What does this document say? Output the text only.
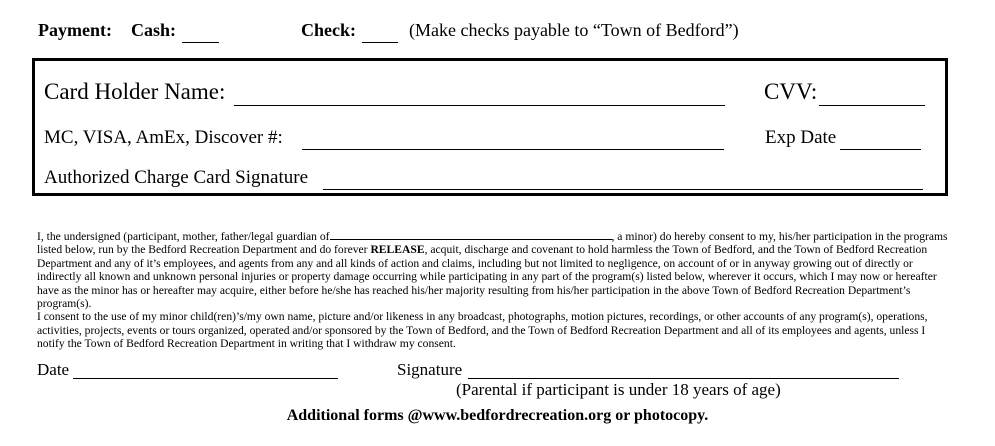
Payment: Cash:	Check:	(Make checks payable to “Town of Bedford”)
Card Holder Name:	CVV:
MC, VISA, AmEx, Discover #:	Exp Date
Authorized Charge Card Signature

I, the undersigned (participant, mother, father/legal guardian of	, a minor) do hereby consent to my, his/her participation in the programs listed below, run by the Bedford Recreation Department and do forever RELEASE, acquit, discharge and covenant to hold harmless the Town of Bedford, and the Town of Bedford Recreation Department and any of it’s employees, and agents from any and all kinds of action and claims, including but not limited to negligence, on account of or in anyway growing out of directly or indirectly all known and unknown personal injuries or property damage occurring while participating in any part of the program(s) listed below, wherever it occurs, which I may now or hereafter have as the minor has or hereafter may acquire, either before he/she has reached his/her majority resulting from his/her participation in the above Town of Bedford Recreation Department’s program(s).

I consent to the use of my minor child(ren)’s/my own name, picture and/or likeness in any broadcast, photographs, motion pictures, recordings, or other accounts of any program(s), operations, activities, projects, events or tours organized, operated and/or sponsored by the Town of Bedford, and the Town of Bedford Recreation Department and all of its employees and agents, unless I notify the Town of Bedford Recreation Department in writing that I withdraw my consent.

Date	Signature
(Parental if participant is under 18 years of age)
Additional forms @www.bedfordrecreation.org or photocopy.
